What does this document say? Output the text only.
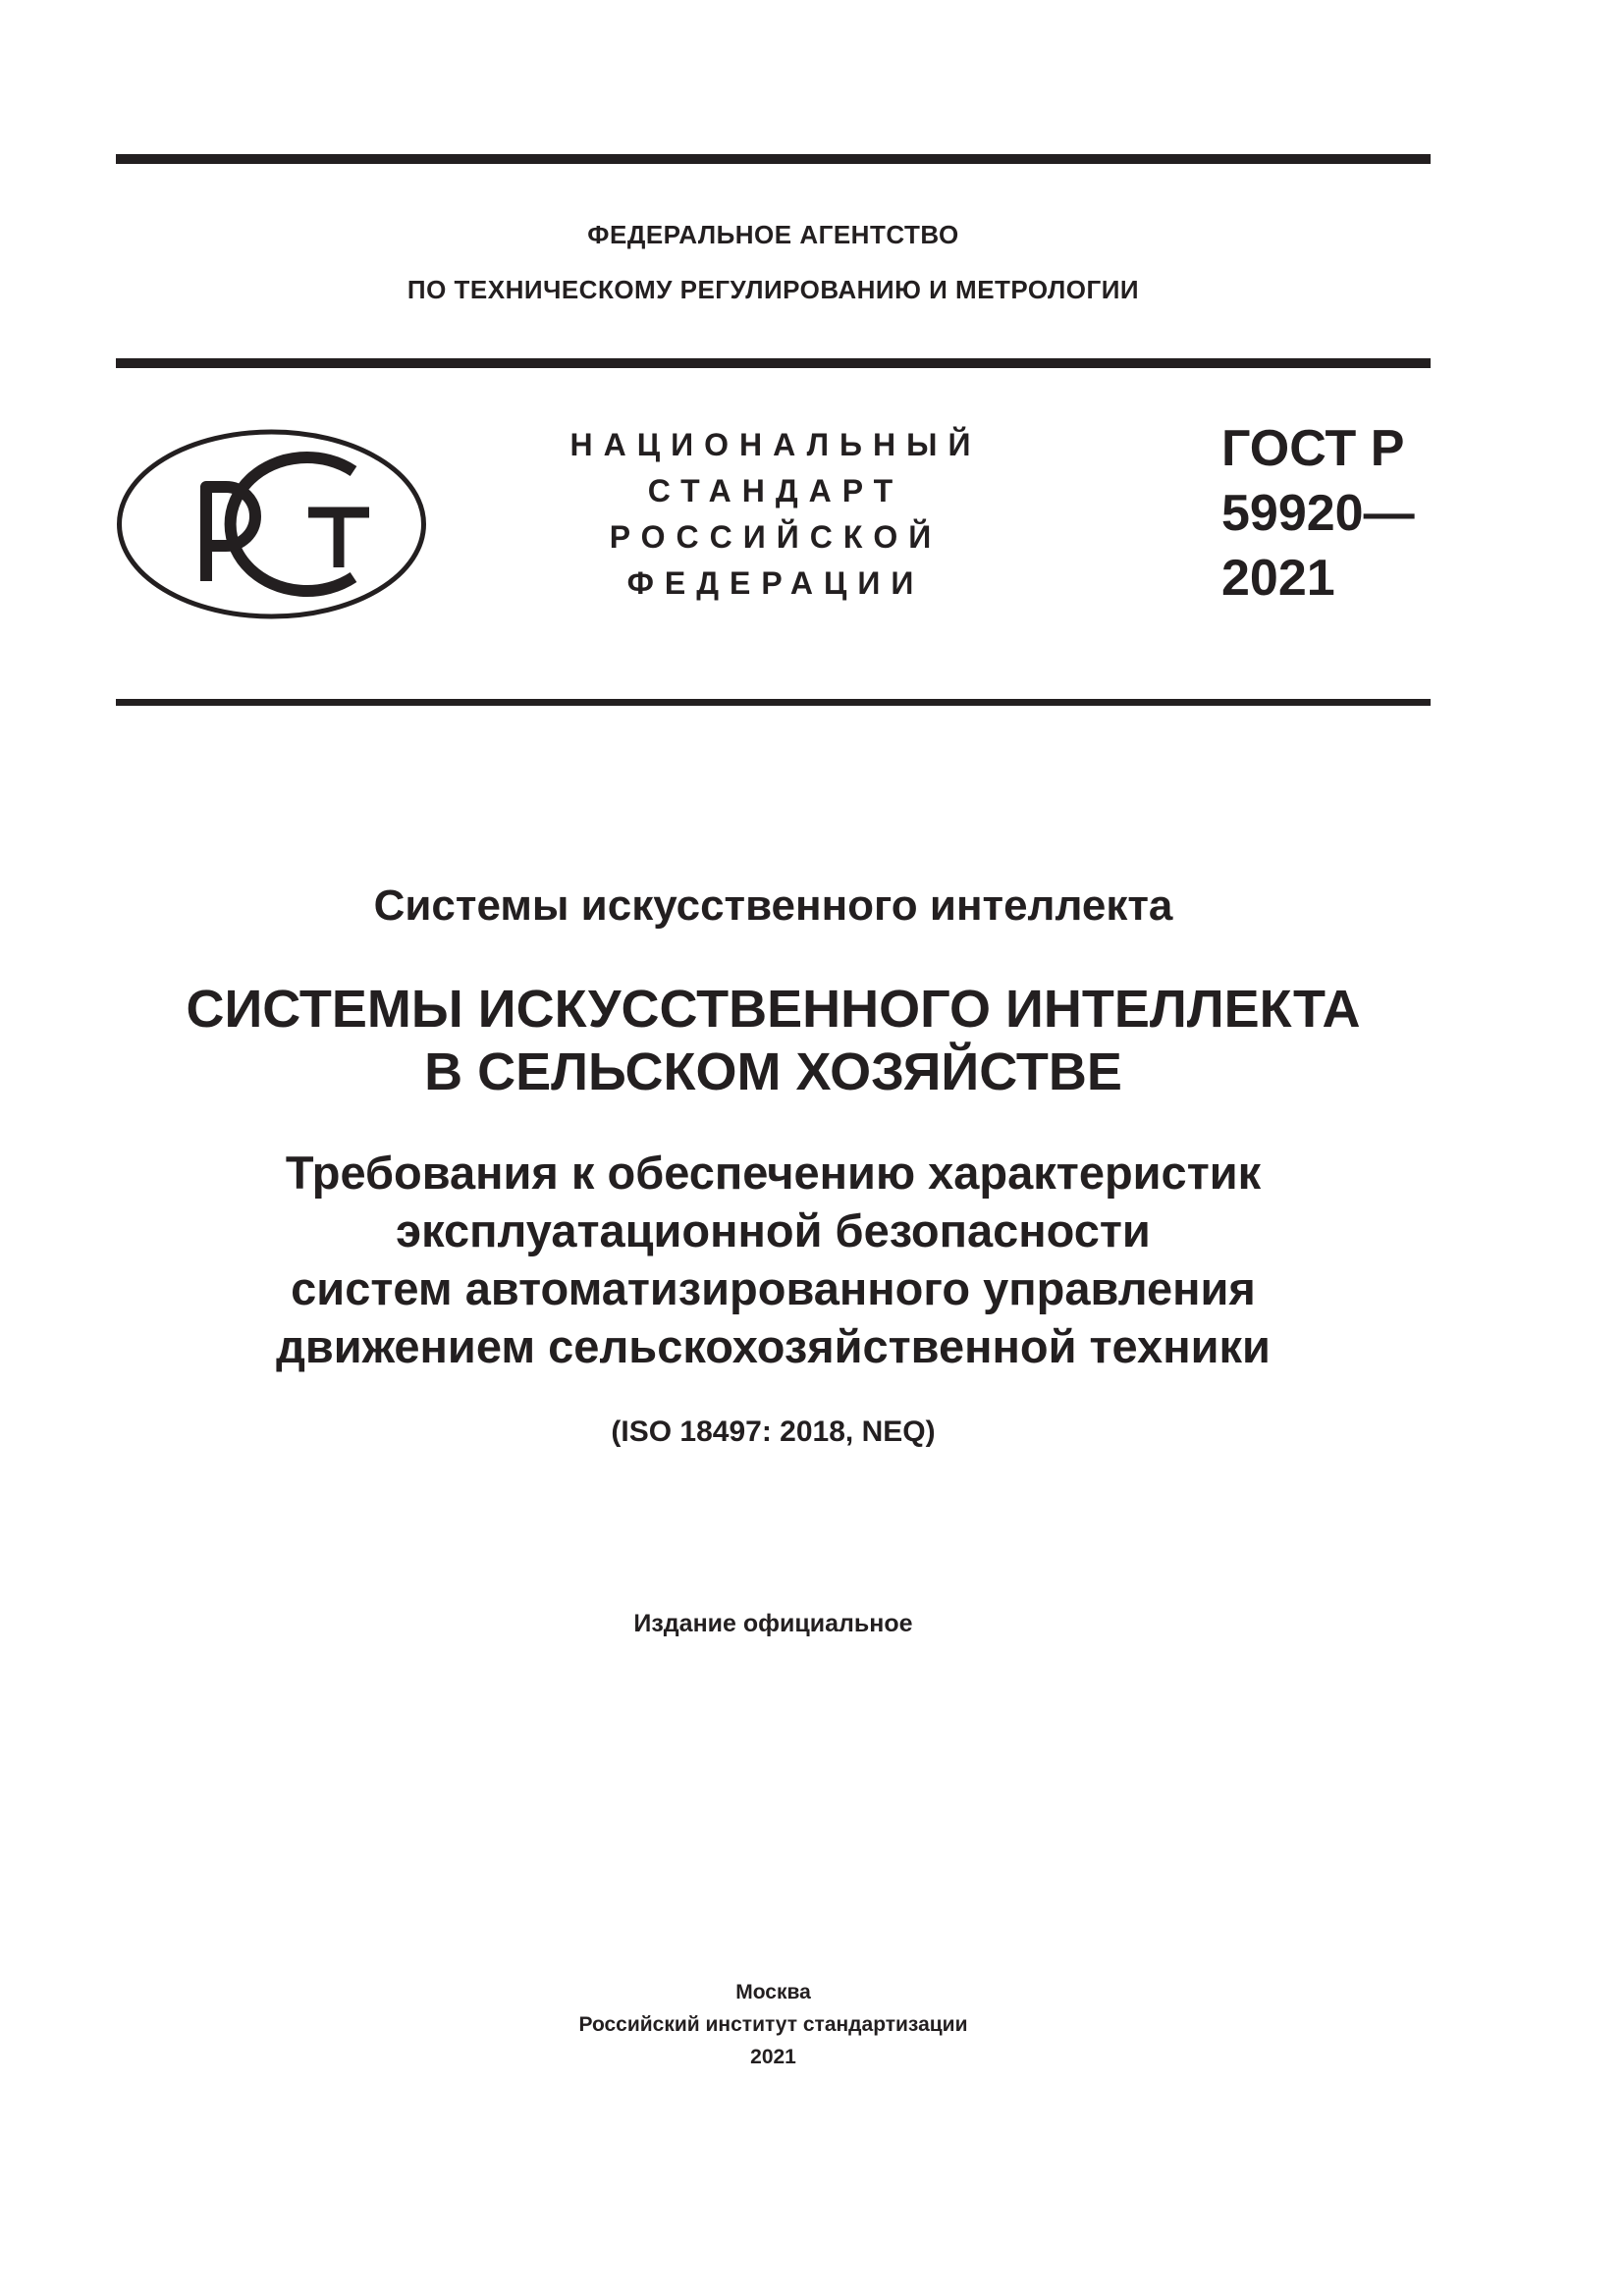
ФЕДЕРАЛЬНОЕ АГЕНТСТВО
ПО ТЕХНИЧЕСКОМУ РЕГУЛИРОВАНИЮ И МЕТРОЛОГИИ
НАЦИОНАЛЬНЫЙ
СТАНДАРТ
РОССИЙСКОЙ
ФЕДЕРАЦИИ
ГОСТ Р
59920—
2021
Системы искусственного интеллекта
СИСТЕМЫ ИСКУССТВЕННОГО ИНТЕЛЛЕКТА
В СЕЛЬСКОМ ХОЗЯЙСТВЕ
Требования к обеспечению характеристик
эксплуатационной безопасности
систем автоматизированного управления
движением сельскохозяйственной техники
(ISO 18497: 2018, NEQ)
Издание официальное
Москва
Российский институт стандартизации
2021
